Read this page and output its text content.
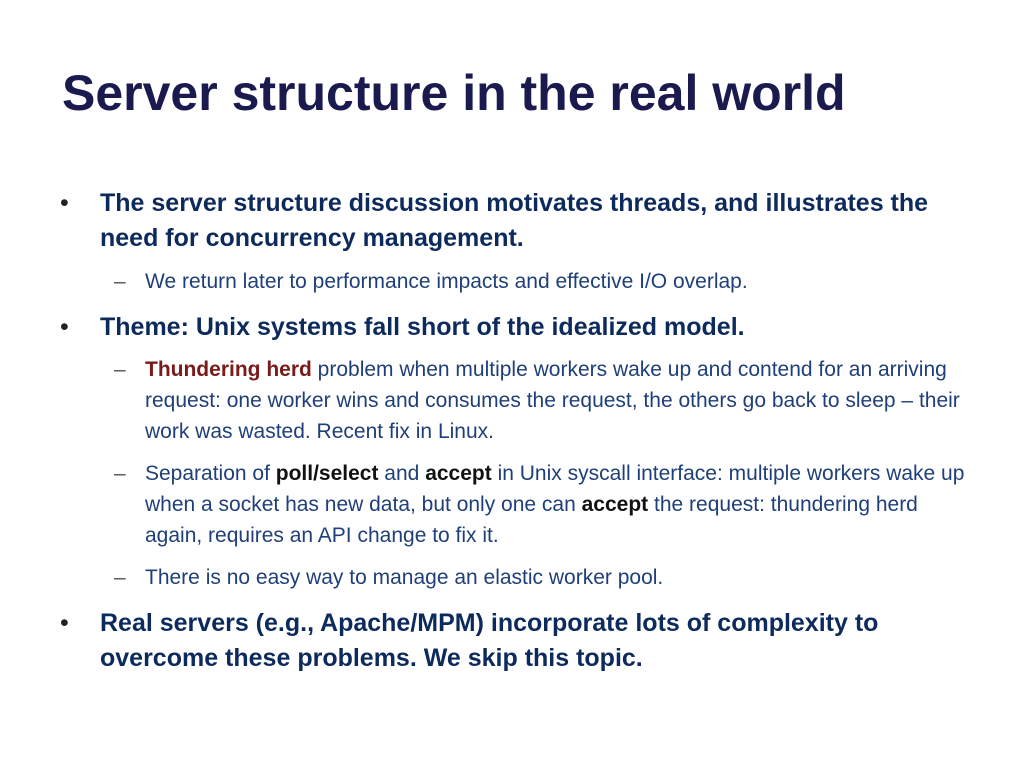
Server structure in the real world
• The server structure discussion motivates threads, and illustrates the need for concurrency management.
– We return later to performance impacts and effective I/O overlap.
• Theme: Unix systems fall short of the idealized model.
– Thundering herd problem when multiple workers wake up and contend for an arriving request: one worker wins and consumes the request, the others go back to sleep – their work was wasted. Recent fix in Linux.
– Separation of poll/select and accept in Unix syscall interface: multiple workers wake up when a socket has new data, but only one can accept the request: thundering herd again, requires an API change to fix it.
– There is no easy way to manage an elastic worker pool.
• Real servers (e.g., Apache/MPM) incorporate lots of complexity to overcome these problems. We skip this topic.
